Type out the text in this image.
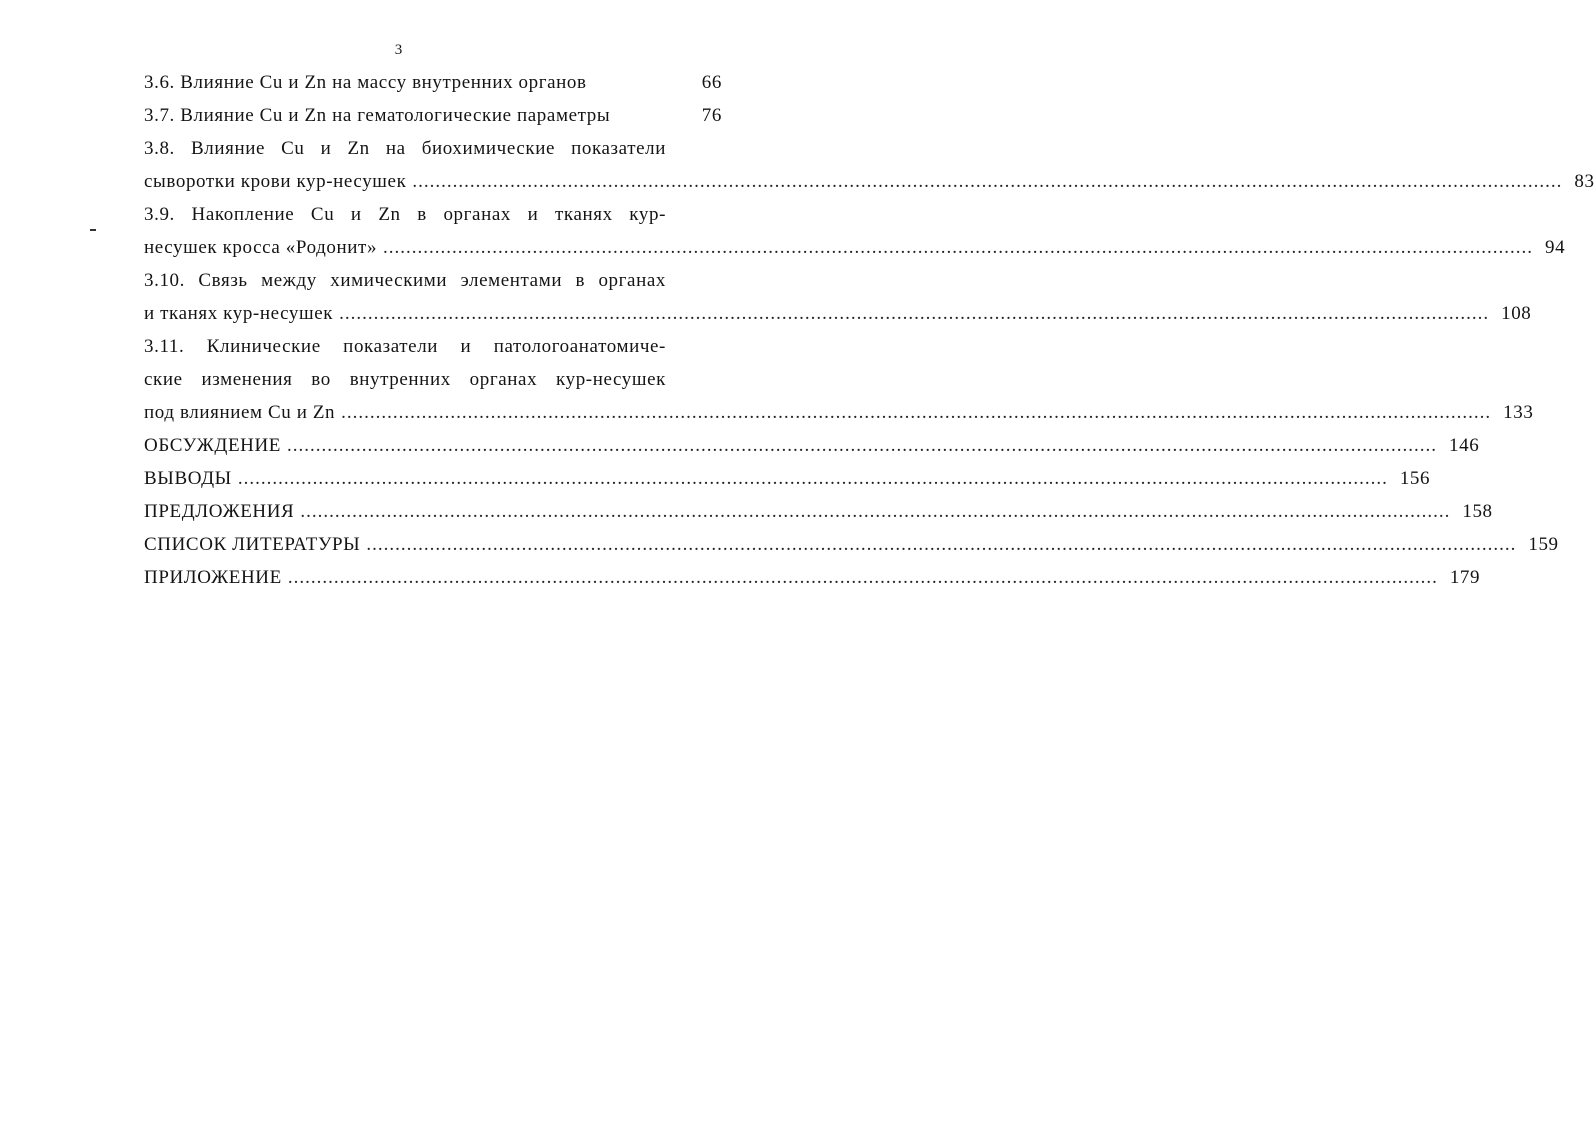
3
3.6. Влияние Cu и Zn на массу внутренних органов	66
3.7. Влияние Cu и Zn на гематологические параметры	76
3.8. Влияние Cu и Zn на биохимические показатели
сыворотки крови кур-несушек ........................................................................................................................................................................................................ 83
3.9. Накопление Cu и Zn в органах и тканях кур-
несушек кросса «Родонит» ........................................................................................................................................................................................................ 94
3.10. Связь между химическими элементами в органах
и тканях кур-несушек ........................................................................................................................................................................................................ 108
3.11. Клинические показатели и патологоанатомиче-
ские изменения во внутренних органах кур-несушек
под влиянием Cu и Zn ........................................................................................................................................................................................................ 133
ОБСУЖДЕНИЕ ........................................................................................................................................................................................................ 146
ВЫВОДЫ ........................................................................................................................................................................................................ 156
ПРЕДЛОЖЕНИЯ ........................................................................................................................................................................................................ 158
СПИСОК ЛИТЕРАТУРЫ ........................................................................................................................................................................................................ 159
ПРИЛОЖЕНИЕ ........................................................................................................................................................................................................ 179
